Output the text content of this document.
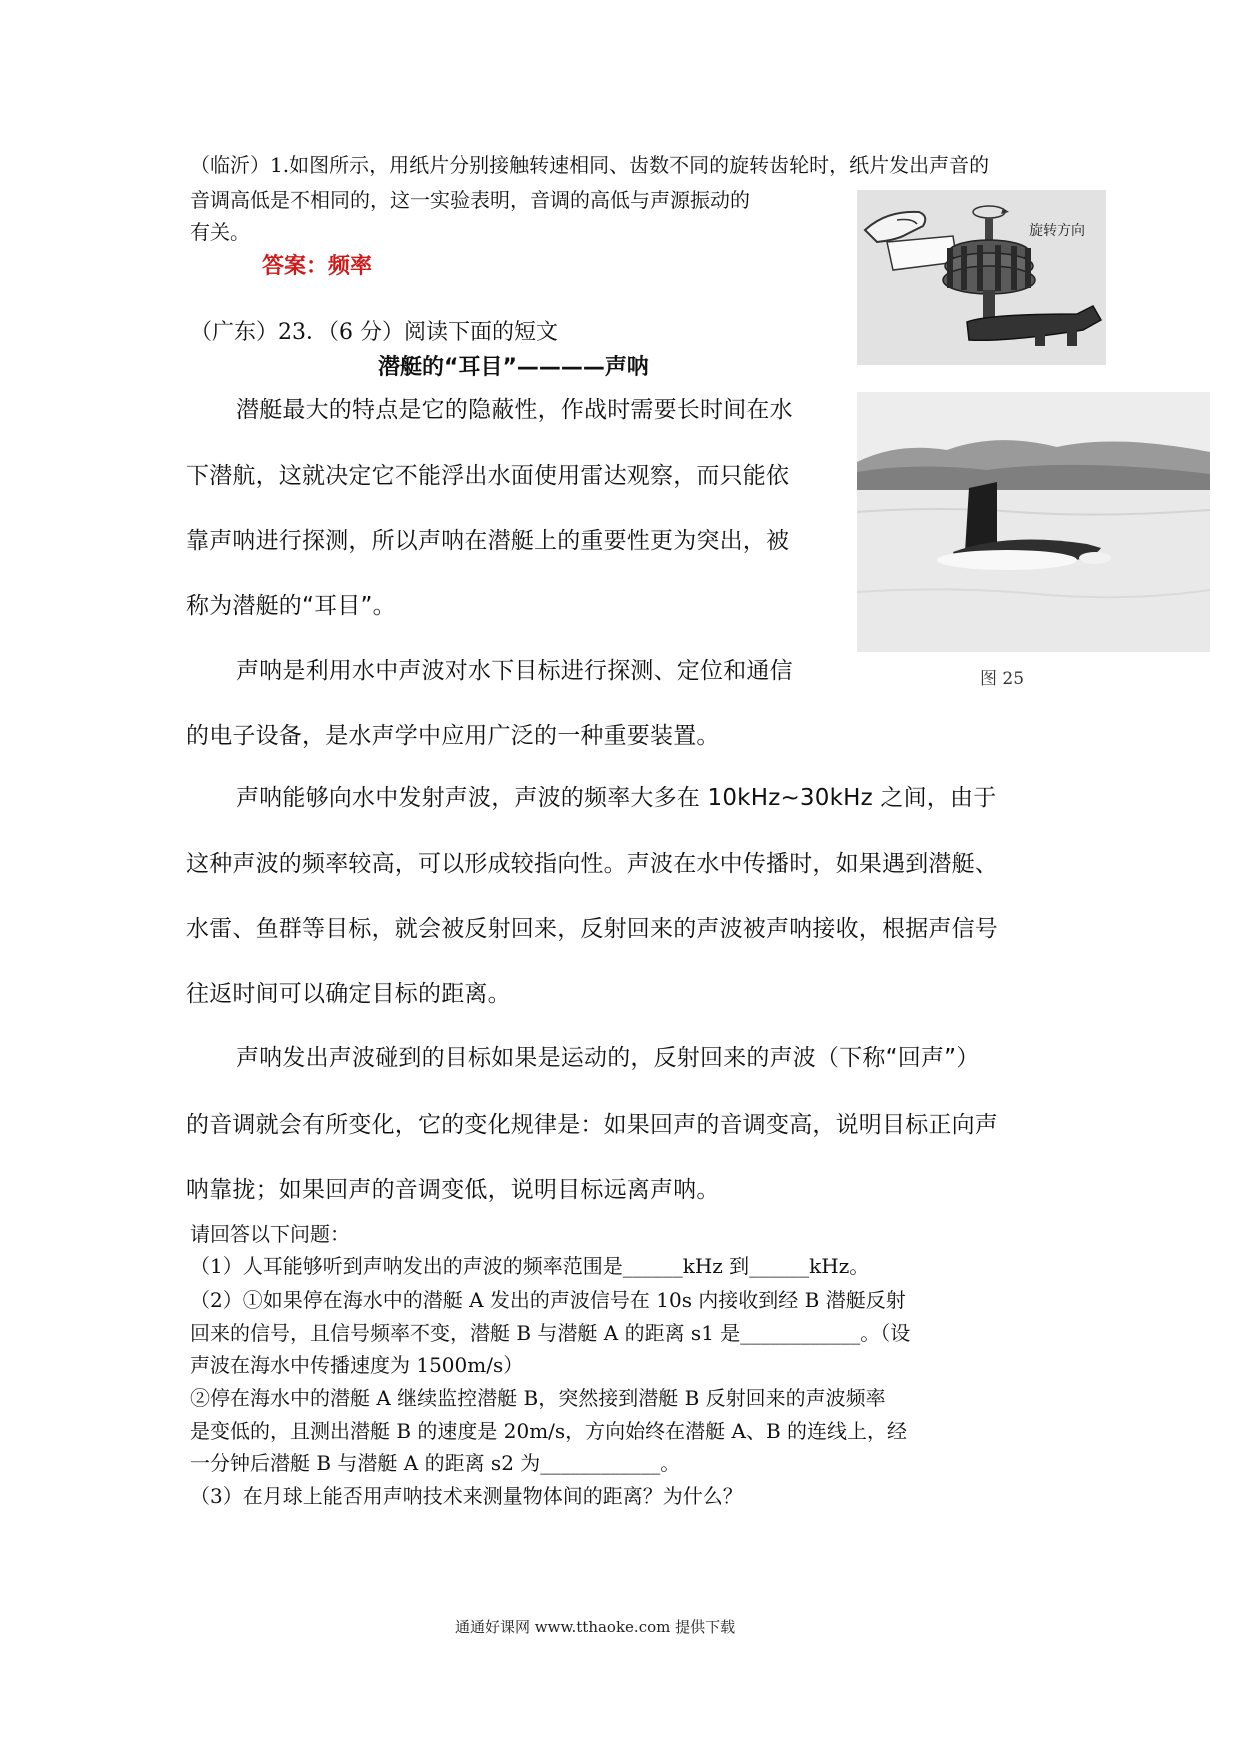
（临沂）1.如图所示，用纸片分别接触转速相同、齿数不同的旋转齿轮时，纸片发出声音的
音调高低是不相同的，这一实验表明，音调的高低与声源振动的
有关。
答案：频率
旋转方向
（广东）23．（6 分）阅读下面的短文
潜艇的“耳目”————声呐
图 25
潜艇最大的特点是它的隐蔽性，作战时需要长时间在水
下潜航，这就决定它不能浮出水面使用雷达观察，而只能依
靠声呐进行探测，所以声呐在潜艇上的重要性更为突出，被
称为潜艇的“耳目”。
声呐是利用水中声波对水下目标进行探测、定位和通信
的电子设备，是水声学中应用广泛的一种重要装置。
声呐能够向水中发射声波，声波的频率大多在 10kHz~30kHz 之间，由于
这种声波的频率较高，可以形成较指向性。声波在水中传播时，如果遇到潜艇、
水雷、鱼群等目标，就会被反射回来，反射回来的声波被声呐接收，根据声信号
往返时间可以确定目标的距离。
声呐发出声波碰到的目标如果是运动的，反射回来的声波（下称“回声”）
的音调就会有所变化，它的变化规律是：如果回声的音调变高，说明目标正向声
呐靠拢；如果回声的音调变低，说明目标远离声呐。
请回答以下问题：
（1）人耳能够听到声呐发出的声波的频率范围是______kHz 到______kHz。
（2）①如果停在海水中的潜艇 A 发出的声波信号在 10s 内接收到经 B 潜艇反射
回来的信号，且信号频率不变，潜艇 B 与潜艇 A 的距离 s1 是____________。（设
声波在海水中传播速度为 1500m/s）
②停在海水中的潜艇 A 继续监控潜艇 B，突然接到潜艇 B 反射回来的声波频率
是变低的，且测出潜艇 B 的速度是 20m/s，方向始终在潜艇 A、B 的连线上，经
一分钟后潜艇 B 与潜艇 A 的距离 s2 为____________。
（3）在月球上能否用声呐技术来测量物体间的距离？为什么？
通通好课网 www.tthaoke.com 提供下载
